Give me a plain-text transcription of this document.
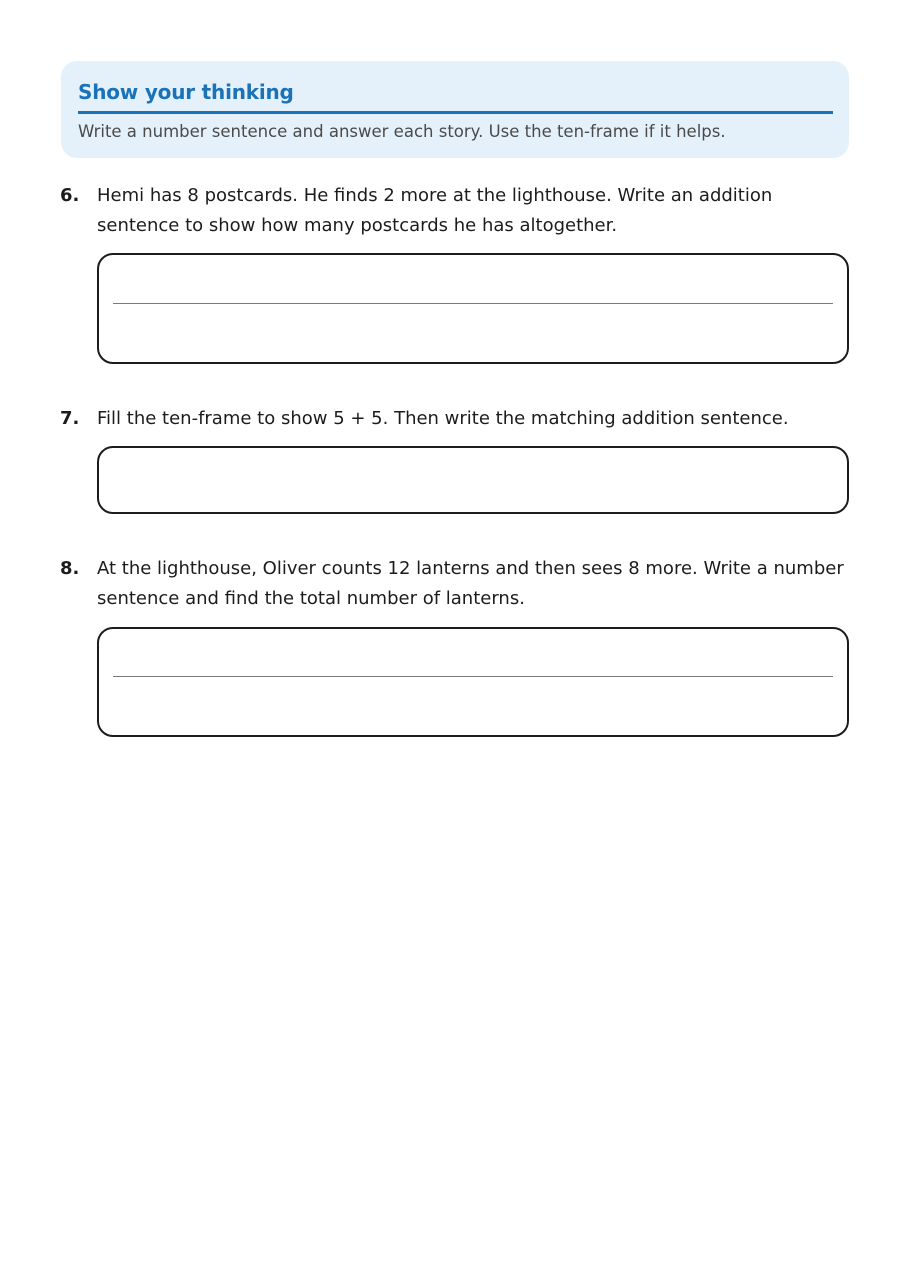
Show your thinking
Write a number sentence and answer each story. Use the ten-frame if it helps.
6. Hemi has 8 postcards. He finds 2 more at the lighthouse. Write an addition sentence to show how many postcards he has altogether.
7. Fill the ten-frame to show 5 + 5. Then write the matching addition sentence.
8. At the lighthouse, Oliver counts 12 lanterns and then sees 8 more. Write a number sentence and find the total number of lanterns.
